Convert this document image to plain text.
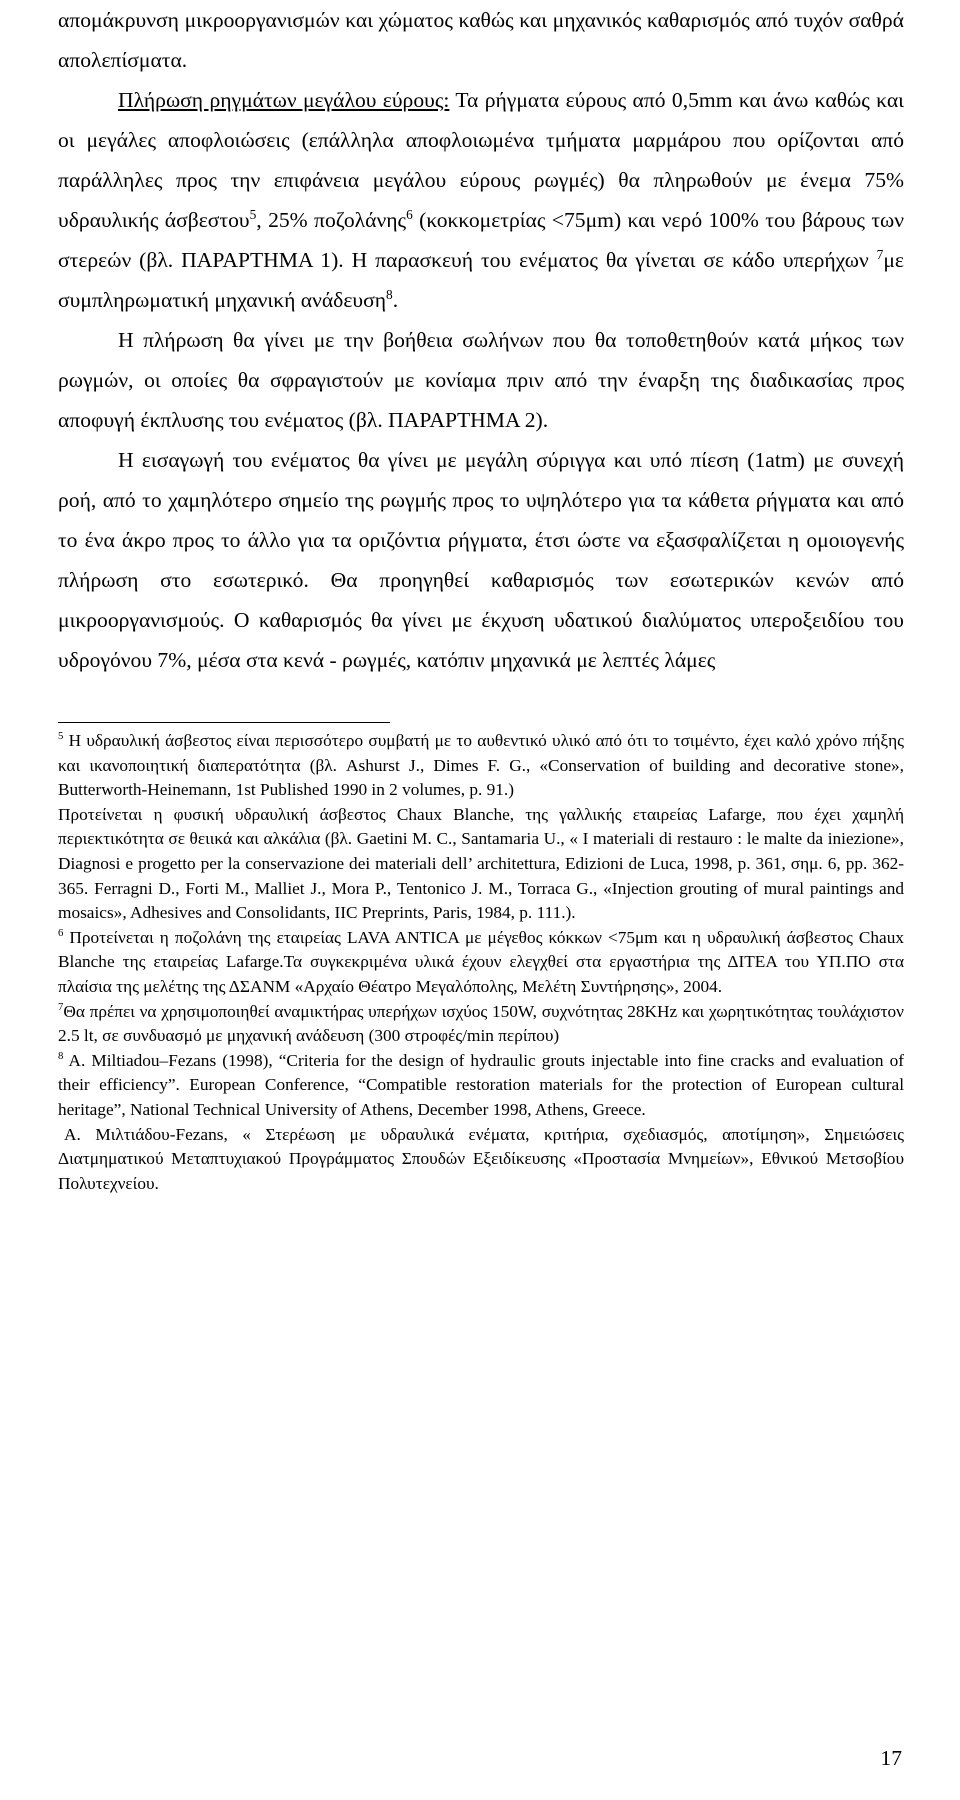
απομάκρυνση μικροοργανισμών και χώματος καθώς και μηχανικός καθαρισμός από τυχόν σαθρά απολεπίσματα.

Πλήρωση ρηγμάτων μεγάλου εύρους: Τα ρήγματα εύρους από 0,5mm και άνω καθώς και οι μεγάλες αποφλοιώσεις (επάλληλα αποφλοιωμένα τμήματα μαρμάρου που ορίζονται από παράλληλες προς την επιφάνεια μεγάλου εύρους ρωγμές) θα πληρωθούν με ένεμα 75% υδραυλικής άσβεστου$^5$, 25% ποζολάνης$^6$ (κοκκομετρίας <75μm) και νερό 100% του βάρους των στερεών (βλ. ΠΑΡΑΡΤΗΜΑ 1). Η παρασκευή του ενέματος θα γίνεται σε κάδο υπερήχων $^7$με συμπληρωματική μηχανική ανάδευση$^8$.

Η πλήρωση θα γίνει με την βοήθεια σωλήνων που θα τοποθετηθούν κατά μήκος των ρωγμών, οι οποίες θα σφραγιστούν με κονίαμα πριν από την έναρξη της διαδικασίας προς αποφυγή έκπλυσης του ενέματος (βλ. ΠΑΡΑΡΤΗΜΑ 2).

Η εισαγωγή του ενέματος θα γίνει με μεγάλη σύριγγα και υπό πίεση (1atm) με συνεχή ροή, από το χαμηλότερο σημείο της ρωγμής προς το υψηλότερο για τα κάθετα ρήγματα και από το ένα άκρο προς το άλλο για τα οριζόντια ρήγματα, έτσι ώστε να εξασφαλίζεται η ομοιογενής πλήρωση στο εσωτερικό. Θα προηγηθεί καθαρισμός των εσωτερικών κενών από μικροοργανισμούς. Ο καθαρισμός θα γίνει με έκχυση υδατικού διαλύματος υπεροξειδίου του υδρογόνου 7%, μέσα στα κενά - ρωγμές, κατόπιν μηχανικά με λεπτές λάμες

$^5$ Η υδραυλική άσβεστος είναι περισσότερο συμβατή με το αυθεντικό υλικό από ότι το τσιμέντο, έχει καλό χρόνο πήξης και ικανοποιητική διαπερατότητα (βλ. Ashurst J., Dimes F. G., «Conservation of building and decorative stone», Butterworth-Heinemann, 1st Published 1990 in 2 volumes, p. 91.)

Προτείνεται η φυσική υδραυλική άσβεστος Chaux Blanche, της γαλλικής εταιρείας Lafarge, που έχει χαμηλή περιεκτικότητα σε θειικά και αλκάλια (βλ. Gaetini M. C., Santamaria U., « I materiali di restauro : le malte da iniezione», Diagnosi e progetto per la conservazione dei materiali dell’ architettura, Edizioni de Luca, 1998, p. 361, σημ. 6, pp. 362-365. Ferragni D., Forti M., Malliet J., Mora P., Tentonico J. M., Torraca G., «Injection grouting of mural paintings and mosaics», Adhesives and Consolidants, IIC Preprints, Paris, 1984, p. 111.).

$^6$ Προτείνεται η ποζολάνη της εταιρείας LAVA ANTICA με μέγεθος κόκκων <75μm και η υδραυλική άσβεστος Chaux Blanche της εταιρείας Lafarge.Τα συγκεκριμένα υλικά έχουν ελεγχθεί στα εργαστήρια της ΔΙΤΕΑ του ΥΠ.ΠΟ στα πλαίσια της μελέτης της ΔΣΑΝΜ «Αρχαίο Θέατρο Μεγαλόπολης, Μελέτη Συντήρησης», 2004.

$^7$Θα πρέπει να χρησιμοποιηθεί αναμικτήρας υπερήχων ισχύος 150W, συχνότητας 28KHz και χωρητικότητας τουλάχιστον 2.5 lt, σε συνδυασμό με μηχανική ανάδευση (300 στροφές/min περίπου)

$^8$ A. Miltiadou–Fezans (1998), “Criteria for the design of hydraulic grouts injectable into fine cracks and evaluation of their efficiency”. European Conference, “Compatible restoration materials for the protection of European cultural heritage”, National Technical University of Athens, December 1998, Athens, Greece.

Α. Μιλτιάδου-Fezans, « Στερέωση με υδραυλικά ενέματα, κριτήρια, σχεδιασμός, αποτίμηση», Σημειώσεις Διατμηματικού Μεταπτυχιακού Προγράμματος Σπουδών Εξειδίκευσης «Προστασία Μνημείων», Εθνικού Μετσοβίου Πολυτεχνείου.

17
